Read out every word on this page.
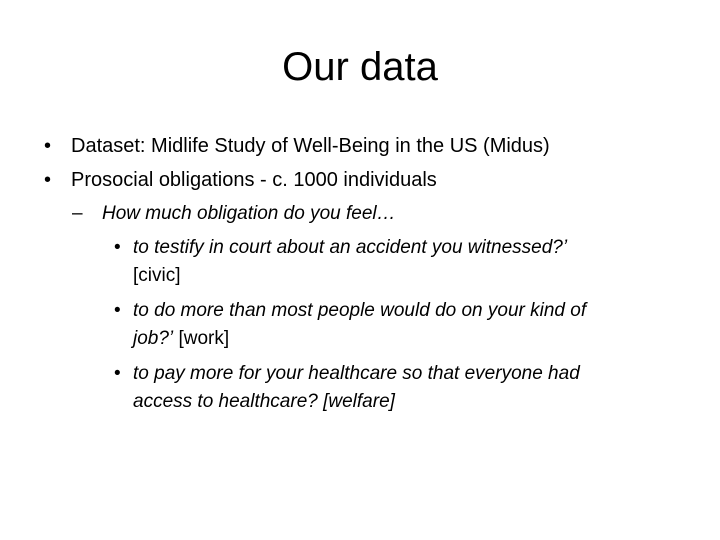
Our data
• Dataset: Midlife Study of Well-Being in the US (Midus)
• Prosocial obligations - c. 1000 individuals
– How much obligation do you feel…
• to testify in court about an accident you witnessed?’
[civic]
• to do more than most people would do on your kind of
job?’ [work]
• to pay more for your healthcare so that everyone had
access to healthcare? [welfare]
